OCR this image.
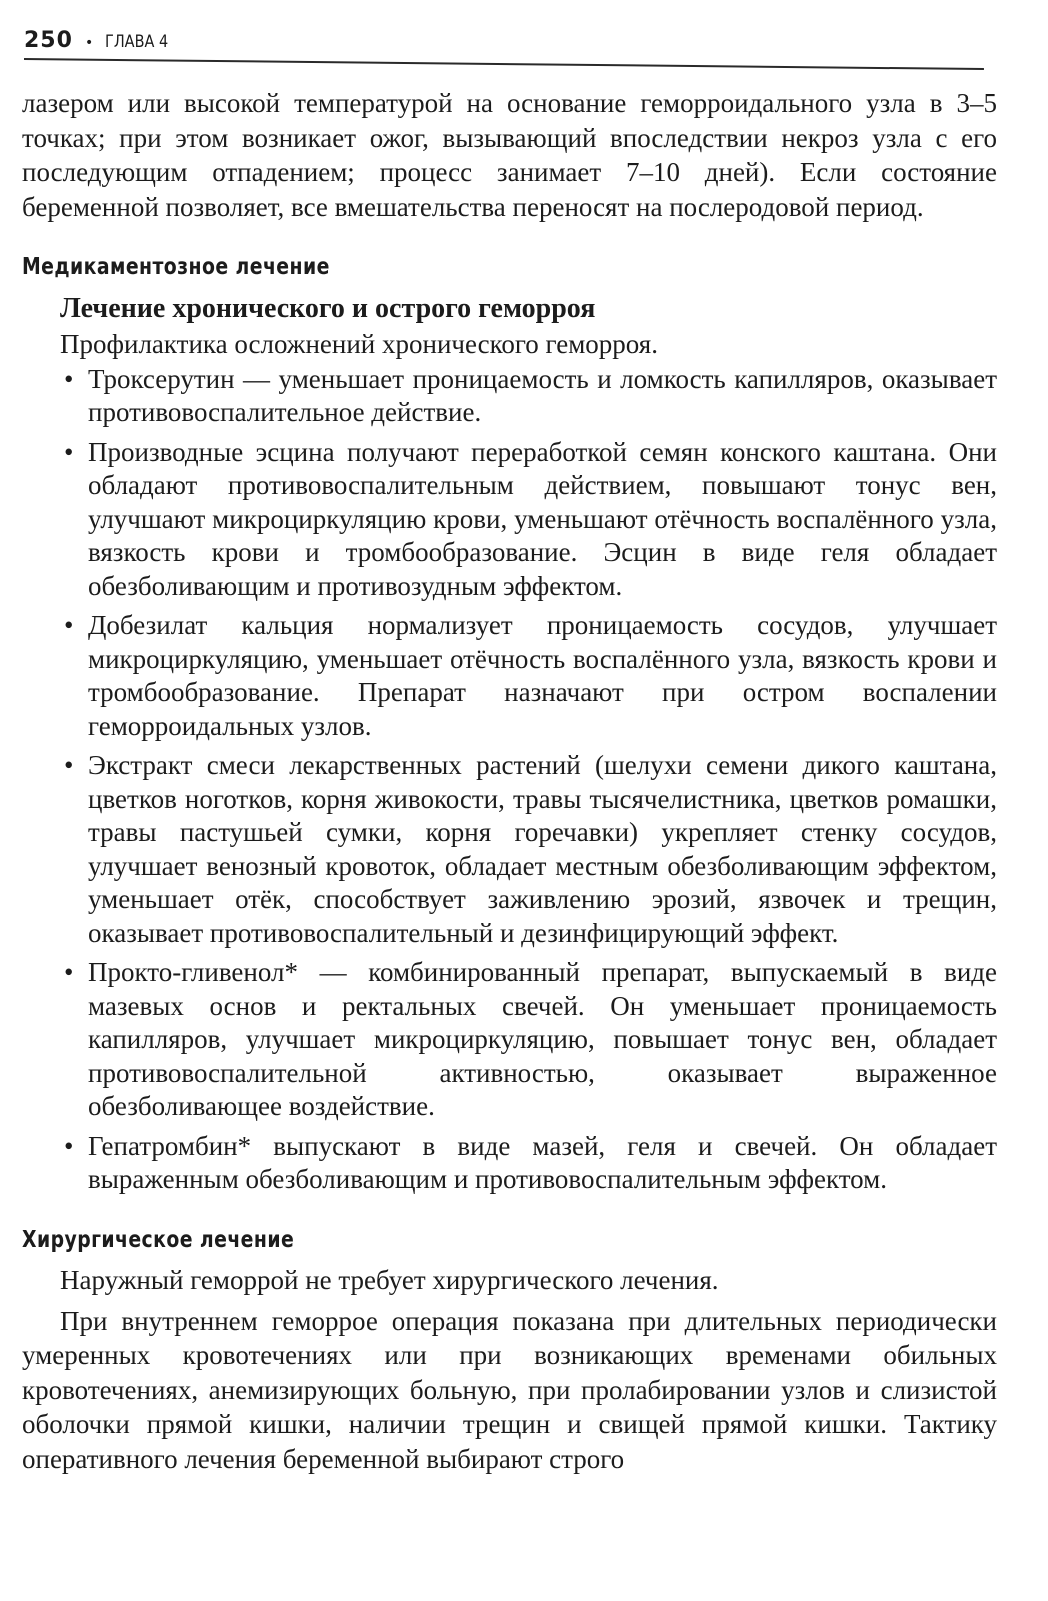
250 • ГЛАВА 4

лазером или высокой температурой на основание геморроидального узла в 3–5 точках; при этом возникает ожог, вызывающий впоследствии некроз узла с его последующим отпадением; процесс занимает 7–10 дней). Если состояние беременной позволяет, все вмешательства переносят на послеродовой период.

Медикаментозное лечение
Лечение хронического и острого геморроя

Профилактика осложнений хронического геморроя.

• Троксерутин — уменьшает проницаемость и ломкость капилляров, оказывает противовоспалительное действие.
• Производные эсцина получают переработкой семян конского каштана. Они обладают противовоспалительным действием, повышают тонус вен, улучшают микроциркуляцию крови, уменьшают отёчность воспалённого узла, вязкость крови и тромбообразование. Эсцин в виде геля обладает обезболивающим и противозудным эффектом.
• Добезилат кальция нормализует проницаемость сосудов, улучшает микроциркуляцию, уменьшает отёчность воспалённого узла, вязкость крови и тромбообразование. Препарат назначают при остром воспалении геморроидальных узлов.
• Экстракт смеси лекарственных растений (шелухи семени дикого каштана, цветков ноготков, корня живокости, травы тысячелистника, цветков ромашки, травы пастушьей сумки, корня горечавки) укрепляет стенку сосудов, улучшает венозный кровоток, обладает местным обезболивающим эффектом, уменьшает отёк, способствует заживлению эрозий, язвочек и трещин, оказывает противовоспалительный и дезинфицирующий эффект.
• Прокто-гливенол* — комбинированный препарат, выпускаемый в виде мазевых основ и ректальных свечей. Он уменьшает проницаемость капилляров, улучшает микроциркуляцию, повышает тонус вен, обладает противовоспалительной активностью, оказывает выраженное обезболивающее воздействие.
• Гепатромбин* выпускают в виде мазей, геля и свечей. Он обладает выраженным обезболивающим и противовоспалительным эффектом.
Хирургическое лечение

Наружный геморрой не требует хирургического лечения.

При внутреннем геморрое операция показана при длительных периодически умеренных кровотечениях или при возникающих временами обильных кровотечениях, анемизирующих больную, при пролабировании узлов и слизистой оболочки прямой кишки, наличии трещин и свищей прямой кишки. Тактику оперативного лечения беременной выбирают строго
